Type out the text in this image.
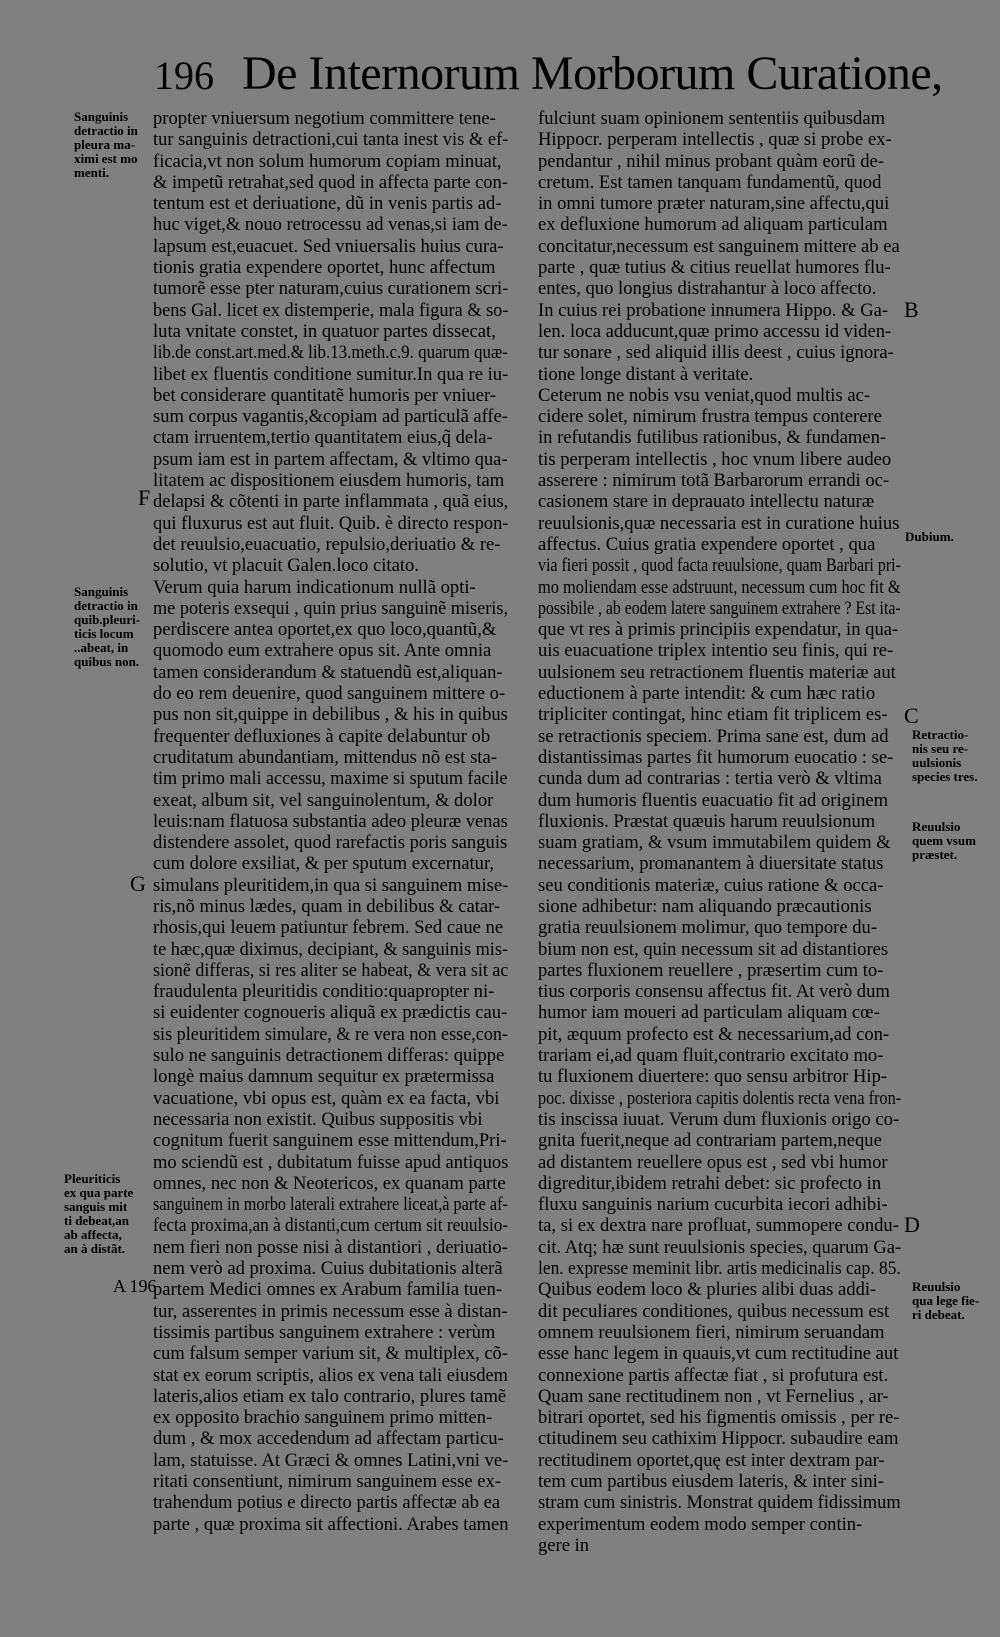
196 De Internorum Morborum Curatione,
propter vniuersum negotium committere tene-
tur sanguinis detractioni,cui tanta inest vis & ef-
ficacia,vt non solum humorum copiam minuat,
& impetũ retrahat,sed quod in affecta parte con-
tentum est et deriuatione, dũ in venis partis ad-
huc viget,& nouo retrocessu ad venas,si iam de-
lapsum est,euacuet. Sed vniuersalis huius cura-
tionis gratia expendere oportet, hunc affectum
tumorẽ esse pter naturam,cuius curationem scri-
bens Gal. licet ex distemperie, mala figura & so-
luta vnitate constet, in quatuor partes dissecat,
lib.de const.art.med.& lib.13.meth.c.9. quarum quæ-
libet ex fluentis conditione sumitur.In qua re iu-
bet considerare quantitatẽ humoris per vniuer-
sum corpus vagantis,&copiam ad particulã affe-
ctam irruentem,tertio quantitatem eius,q̃ dela-
psum iam est in partem affectam, & vltimo qua-
litatem ac dispositionem eiusdem humoris, tam
delapsi & cõtenti in parte inflammata , quã eius,
qui fluxurus est aut fluit. Quib. è directo respon-
det reuulsio,euacuatio, repulsio,deriuatio & re-
solutio, vt placuit Galen.loco citato.
Verum quia harum indicationum nullã opti-
me poteris exsequi , quin prius sanguinẽ miseris,
perdiscere antea oportet,ex quo loco,quantũ,&
quomodo eum extrahere opus sit. Ante omnia
tamen considerandum & statuendũ est,aliquan-
do eo rem deuenire, quod sanguinem mittere o-
pus non sit,quippe in debilibus , & his in quibus
frequenter defluxiones à capite delabuntur ob
cruditatum abundantiam, mittendus nõ est sta-
tim primo mali accessu, maxime si sputum facile
exeat, album sit, vel sanguinolentum, & dolor
leuis:nam flatuosa substantia adeo pleuræ venas
distendere assolet, quod rarefactis poris sanguis
cum dolore exsiliat, & per sputum excernatur,
simulans pleuritidem,in qua si sanguinem mise-
ris,nõ minus lædes, quam in debilibus & catar-
rhosis,qui leuem patiuntur febrem. Sed caue ne
te hæc,quæ diximus, decipiant, & sanguinis mis-
sionẽ differas, si res aliter se habeat, & vera sit ac
fraudulenta pleuritidis conditio:quapropter ni-
si euidenter cognoueris aliquã ex prædictis cau-
sis pleuritidem simulare, & re vera non esse,con-
sulo ne sanguinis detractionem differas: quippe
longè maius damnum sequitur ex prætermissa
vacuatione, vbi opus est, quàm ex ea facta, vbi
necessaria non existit. Quibus suppositis vbi
cognitum fuerit sanguinem esse mittendum,Pri-
mo sciendũ est , dubitatum fuisse apud antiquos
omnes, nec non & Neotericos, ex quanam parte
sanguinem in morbo laterali extrahere liceat,à parte af-
fecta proxima,an à distanti,cum certum sit reuulsio-
nem fieri non posse nisi à distantiori , deriuatio-
nem verò ad proxima. Cuius dubitationis alterã
partem Medici omnes ex Arabum familia tuen-
tur, asserentes in primis necessum esse à distan-
tissimis partibus sanguinem extrahere : verùm
cum falsum semper varium sit, & multiplex, cõ-
stat ex eorum scriptis, alios ex vena tali eiusdem
lateris,alios etiam ex talo contrario, plures tamẽ
ex opposito brachio sanguinem primo mitten-
dum , & mox accedendum ad affectam particu-
lam, statuisse. At Græci & omnes Latini,vni ve-
ritati consentiunt, nimirum sanguinem esse ex-
trahendum potius e directo partis affectæ ab ea
parte , quæ proxima sit affectioni. Arabes tamen
fulciunt suam opinionem sententiis quibusdam
Hippocr. perperam intellectis , quæ si probe ex-
pendantur , nihil minus probant quàm eorũ de-
cretum. Est tamen tanquam fundamentũ, quod
in omni tumore præter naturam,sine affectu,qui
ex defluxione humorum ad aliquam particulam
concitatur,necessum est sanguinem mittere ab ea
parte , quæ tutius & citius reuellat humores flu-
entes, quo longius distrahantur à loco affecto.
In cuius rei probatione innumera Hippo. & Ga-
len. loca adducunt,quæ primo accessu id viden-
tur sonare , sed aliquid illis deest , cuius ignora-
tione longe distant à veritate.
Ceterum ne nobis vsu veniat,quod multis ac-
cidere solet, nimirum frustra tempus conterere
in refutandis futilibus rationibus, & fundamen-
tis perperam intellectis , hoc vnum libere audeo
asserere : nimirum totã Barbarorum errandi oc-
casionem stare in deprauato intellectu naturæ
reuulsionis,quæ necessaria est in curatione huius
affectus. Cuius gratia expendere oportet , qua
via fieri possit , quod facta reuulsione, quam Barbari pri-
mo moliendam esse adstruunt, necessum cum hoc fit &
possibile , ab eodem latere sanguinem extrahere ? Est ita-
que vt res à primis principiis expendatur, in qua-
uis euacuatione triplex intentio seu finis, qui re-
uulsionem seu retractionem fluentis materiæ aut
eductionem à parte intendit: & cum hæc ratio
tripliciter contingat, hinc etiam fit triplicem es-
se retractionis speciem. Prima sane est, dum ad
distantissimas partes fit humorum euocatio : se-
cunda dum ad contrarias : tertia verò & vltima
dum humoris fluentis euacuatio fit ad originem
fluxionis. Præstat quæuis harum reuulsionum
suam gratiam, & vsum immutabilem quidem &
necessarium, promanantem à diuersitate status
seu conditionis materiæ, cuius ratione & occa-
sione adhibetur: nam aliquando præcautionis
gratia reuulsionem molimur, quo tempore du-
bium non est, quin necessum sit ad distantiores
partes fluxionem reuellere , præsertim cum to-
tius corporis consensu affectus fit. At verò dum
humor iam moueri ad particulam aliquam cœ-
pit, æquum profecto est & necessarium,ad con-
trariam ei,ad quam fluit,contrario excitato mo-
tu fluxionem diuertere: quo sensu arbitror Hip-
poc. dixisse , posteriora capitis dolentis recta vena fron-
tis inscissa iuuat. Verum dum fluxionis origo co-
gnita fuerit,neque ad contrariam partem,neque
ad distantem reuellere opus est , sed vbi humor
digreditur,ibidem retrahi debet: sic profecto in
fluxu sanguinis narium cucurbita iecori adhibi-
ta, si ex dextra nare profluat, summopere condu-
cit. Atq; hæ sunt reuulsionis species, quarum Ga-
len. expresse meminit libr. artis medicinalis cap. 85.
Quibus eodem loco & pluries alibi duas addi-
dit peculiares conditiones, quibus necessum est
omnem reuulsionem fieri, nimirum seruandam
esse hanc legem in quauis,vt cum rectitudine aut
connexione partis affectæ fiat , si profutura est.
Quam sane rectitudinem non , vt Fernelius , ar-
bitrari oportet, sed his figmentis omissis , per re-
ctitudinem seu cathixim Hippocr. subaudire eam
rectitudinem oportet,quę est inter dextram par-
tem cum partibus eiusdem lateris, & inter sini-
stram cum sinistris. Monstrat quidem fidissimum
experimentum eodem modo semper contin-
gere in
Sanguinis
detractio in
pleura ma-
ximi est mo
menti.
Sanguinis
detractio in
quib.pleuri-
ticis locum
..abeat, in
quibus non.
Pleuriticis
ex qua parte
sanguis mit
ti debeat,an
ab affecta,
an à distãt.
Dubium.
Retractio-
nis seu re-
uulsionis
species tres.
Reuulsio
quem vsum
præstet.
Reuulsio
qua lege fie-
ri debeat.
F
G
B
C
D
A 196
